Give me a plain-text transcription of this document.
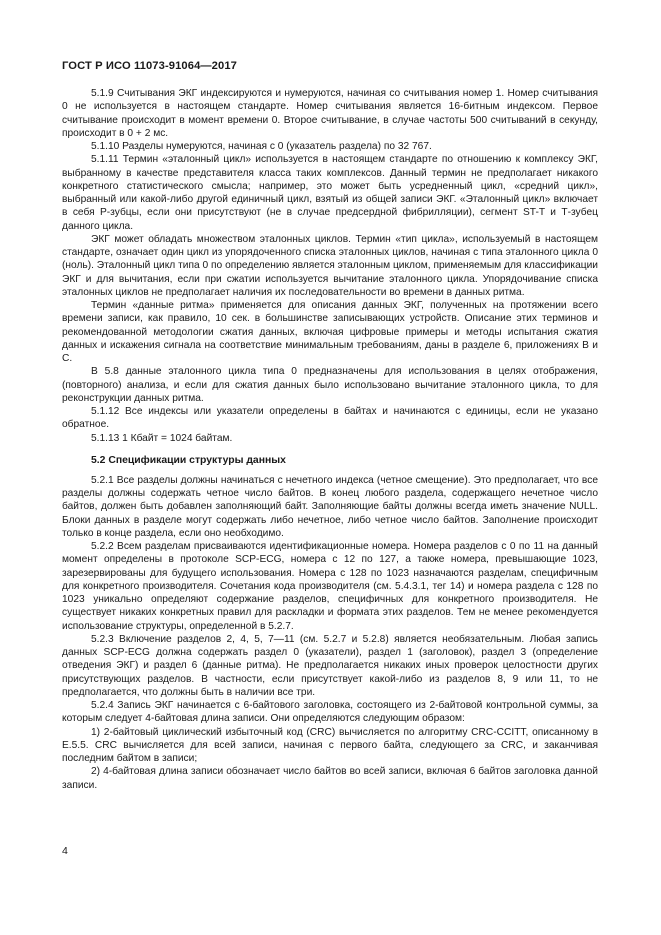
ГОСТ Р ИСО 11073-91064—2017

5.1.9 Считывания ЭКГ индексируются и нумеруются, начиная со считывания номер 1. Номер считывания 0 не используется в настоящем стандарте. Номер считывания является 16-битным индексом. Первое считывание происходит в момент времени 0. Второе считывание, в случае частоты 500 считываний в секунду, происходит в 0 + 2 мс.

5.1.10 Разделы нумеруются, начиная с 0 (указатель раздела) по 32 767.

5.1.11 Термин «эталонный цикл» используется в настоящем стандарте по отношению к комплексу ЭКГ, выбранному в качестве представителя класса таких комплексов. Данный термин не предполагает никакого конкретного статистического смысла; например, это может быть усредненный цикл, «средний цикл», выбранный или какой-либо другой единичный цикл, взятый из общей записи ЭКГ. «Эталонный цикл» включает в себя Р-зубцы, если они присутствуют (не в случае предсердной фибрилляции), сегмент ST-T и Т-зубец данного цикла.

ЭКГ может обладать множеством эталонных циклов. Термин «тип цикла», используемый в настоящем стандарте, означает один цикл из упорядоченного списка эталонных циклов, начиная с типа эталонного цикла 0 (ноль). Эталонный цикл типа 0 по определению является эталонным циклом, применяемым для классификации ЭКГ и для вычитания, если при сжатии используется вычитание эталонного цикла. Упорядочивание списка эталонных циклов не предполагает наличия их последовательности во времени в данных ритма.

Термин «данные ритма» применяется для описания данных ЭКГ, полученных на протяжении всего времени записи, как правило, 10 сек. в большинстве записывающих устройств. Описание этих терминов и рекомендованной методологии сжатия данных, включая цифровые примеры и методы испытания сжатия данных и искажения сигнала на соответствие минимальным требованиям, даны в разделе 6, приложениях В и С.

В 5.8 данные эталонного цикла типа 0 предназначены для использования в целях отображения, (повторного) анализа, и если для сжатия данных было использовано вычитание эталонного цикла, то для реконструкции данных ритма.

5.1.12 Все индексы или указатели определены в байтах и начинаются с единицы, если не указано обратное.

5.1.13 1 Кбайт = 1024 байтам.

5.2 Спецификации структуры данных

5.2.1 Все разделы должны начинаться с нечетного индекса (четное смещение). Это предполагает, что все разделы должны содержать четное число байтов. В конец любого раздела, содержащего нечетное число байтов, должен быть добавлен заполняющий байт. Заполняющие байты должны всегда иметь значение NULL. Блоки данных в разделе могут содержать либо нечетное, либо четное число байтов. Заполнение происходит только в конце раздела, если оно необходимо.

5.2.2 Всем разделам присваиваются идентификационные номера. Номера разделов с 0 по 11 на данный момент определены в протоколе SCP-ECG, номера с 12 по 127, а также номера, превышающие 1023, зарезервированы для будущего использования. Номера с 128 по 1023 назначаются разделам, специфичным для конкретного производителя. Сочетания кода производителя (см. 5.4.3.1, тег 14) и номера раздела с 128 по 1023 уникально определяют содержание разделов, специфичных для конкретного производителя. Не существует никаких конкретных правил для раскладки и формата этих разделов. Тем не менее рекомендуется использование структуры, определенной в 5.2.7.

5.2.3 Включение разделов 2, 4, 5, 7—11 (см. 5.2.7 и 5.2.8) является необязательным. Любая запись данных SCP-ECG должна содержать раздел 0 (указатели), раздел 1 (заголовок), раздел 3 (определение отведения ЭКГ) и раздел 6 (данные ритма). Не предполагается никаких иных проверок целостности других присутствующих разделов. В частности, если присутствует какой-либо из разделов 8, 9 или 11, то не предполагается, что должны быть в наличии все три.

5.2.4 Запись ЭКГ начинается с 6-байтового заголовка, состоящего из 2-байтовой контрольной суммы, за которым следует 4-байтовая длина записи. Они определяются следующим образом:

1) 2-байтовый циклический избыточный код (CRC) вычисляется по алгоритму CRC-CCITT, описанному в Е.5.5. CRC вычисляется для всей записи, начиная с первого байта, следующего за CRC, и заканчивая последним байтом в записи;

2) 4-байтовая длина записи обозначает число байтов во всей записи, включая 6 байтов заголовка данной записи.

4
